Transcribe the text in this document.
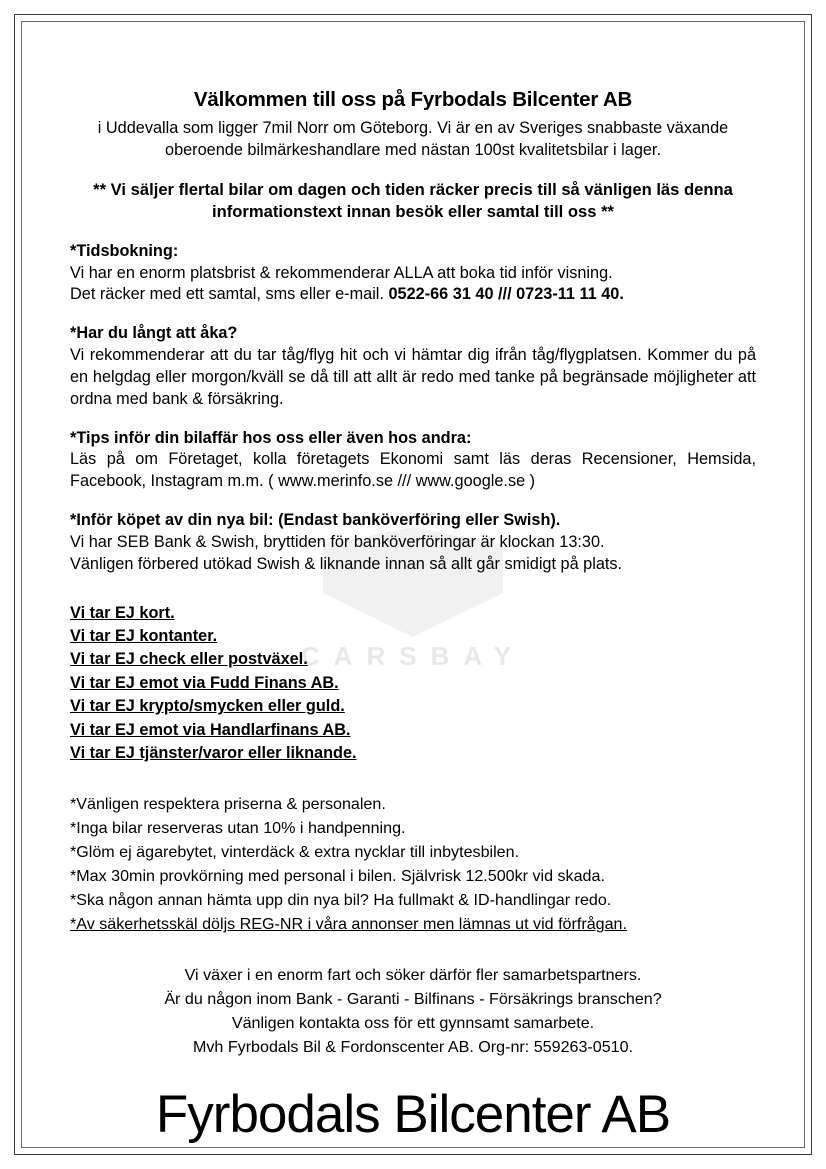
CARSBAY
Välkommen till oss på Fyrbodals Bilcenter AB

i Uddevalla som ligger 7mil Norr om Göteborg. Vi är en av Sveriges snabbaste växande oberoende bilmärkeshandlare med nästan 100st kvalitetsbilar i lager.

** Vi säljer flertal bilar om dagen och tiden räcker precis till så vänligen läs denna informationstext innan besök eller samtal till oss **

*Tidsbokning:

Vi har en enorm platsbrist & rekommenderar ALLA att boka tid inför visning.

Det räcker med ett samtal, sms eller e-mail. 0522-66 31 40 /// 0723-11 11 40.

*Har du långt att åka?

Vi rekommenderar att du tar tåg/flyg hit och vi hämtar dig ifrån tåg/flygplatsen. Kommer du på en helgdag eller morgon/kväll se då till att allt är redo med tanke på begränsade möjligheter att ordna med bank & försäkring.

*Tips inför din bilaffär hos oss eller även hos andra:

Läs på om Företaget, kolla företagets Ekonomi samt läs deras Recensioner, Hemsida, Facebook, Instagram m.m. ( www.merinfo.se /// www.google.se )

*Inför köpet av din nya bil: (Endast banköverföring eller Swish).

Vi har SEB Bank & Swish, bryttiden för banköverföringar är klockan 13:30.

Vänligen förbered utökad Swish & liknande innan så allt går smidigt på plats.

Vi tar EJ kort.
Vi tar EJ kontanter.
Vi tar EJ check eller postväxel.
Vi tar EJ emot via Fudd Finans AB.
Vi tar EJ krypto/smycken eller guld.
Vi tar EJ emot via Handlarfinans AB.
Vi tar EJ tjänster/varor eller liknande.
*Vänligen respektera priserna & personalen.
*Inga bilar reserveras utan 10% i handpenning.
*Glöm ej ägarebytet, vinterdäck & extra nycklar till inbytesbilen.
*Max 30min provkörning med personal i bilen. Självrisk 12.500kr vid skada.
*Ska någon annan hämta upp din nya bil? Ha fullmakt & ID-handlingar redo.
*Av säkerhetsskäl döljs REG-NR i våra annonser men lämnas ut vid förfrågan.

Vi växer i en enorm fart och söker därför fler samarbetspartners.

Är du någon inom Bank - Garanti - Bilfinans - Försäkrings branschen?

Vänligen kontakta oss för ett gynnsamt samarbete.

Mvh Fyrbodals Bil & Fordonscenter AB. Org-nr: 559263-0510.

Fyrbodals Bilcenter AB
